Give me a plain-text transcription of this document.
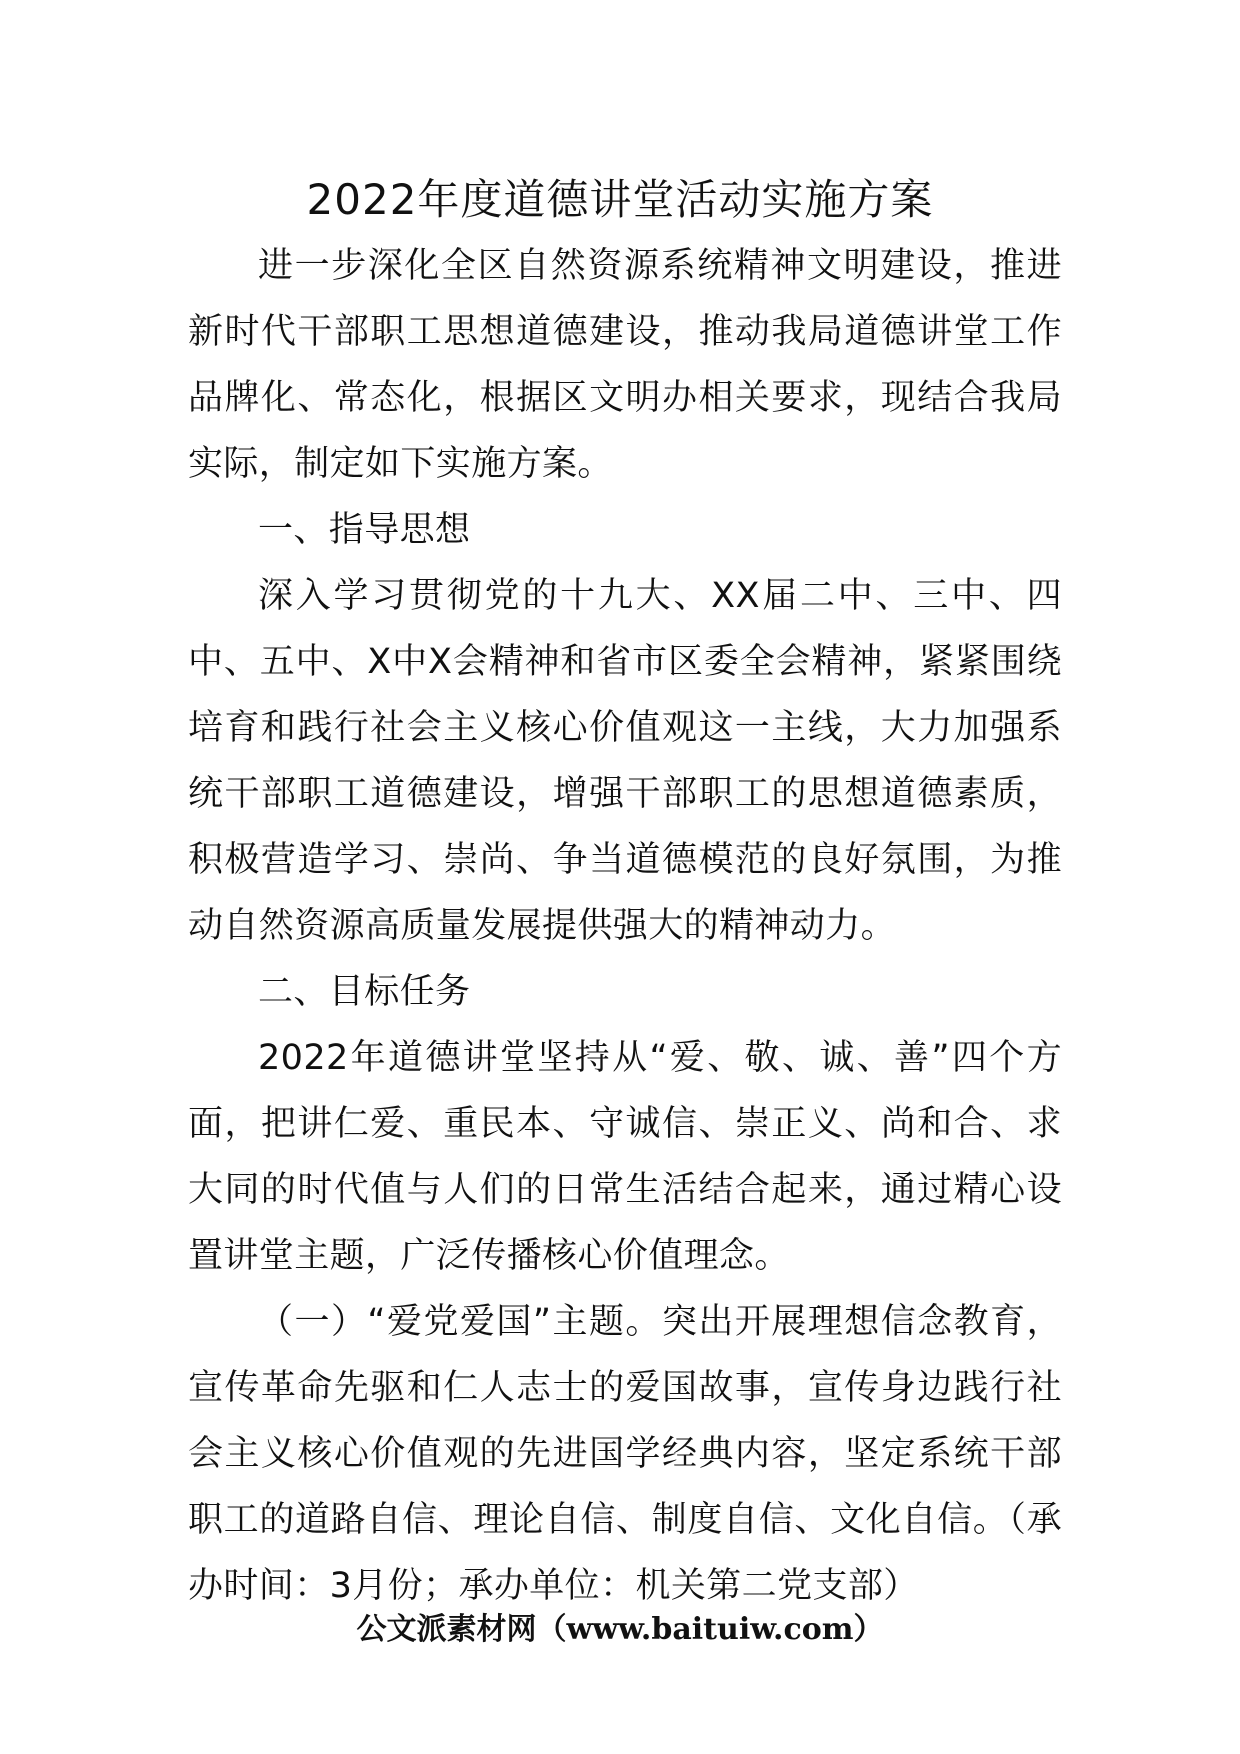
2022年度道德讲堂活动实施方案

进一步深化全区自然资源系统精神文明建设，推进新时代干部职工思想道德建设，推动我局道德讲堂工作品牌化、常态化，根据区文明办相关要求，现结合我局实际，制定如下实施方案。

一、指导思想

深入学习贯彻党的十九大、XX届二中、三中、四中、五中、X中X会精神和省市区委全会精神，紧紧围绕培育和践行社会主义核心价值观这一主线，大力加强系统干部职工道德建设，增强干部职工的思想道德素质，积极营造学习、崇尚、争当道德模范的良好氛围，为推动自然资源高质量发展提供强大的精神动力。

二、目标任务

2022年道德讲堂坚持从“爱、敬、诚、善”四个方面，把讲仁爱、重民本、守诚信、崇正义、尚和合、求大同的时代值与人们的日常生活结合起来，通过精心设置讲堂主题，广泛传播核心价值理念。

（一）“爱党爱国”主题。突出开展理想信念教育，宣传革命先驱和仁人志士的爱国故事，宣传身边践行社会主义核心价值观的先进国学经典内容，坚定系统干部职工的道路自信、理论自信、制度自信、文化自信。（承办时间：3月份；承办单位：机关第二党支部）

公文派素材网（www.baituiw.com）
